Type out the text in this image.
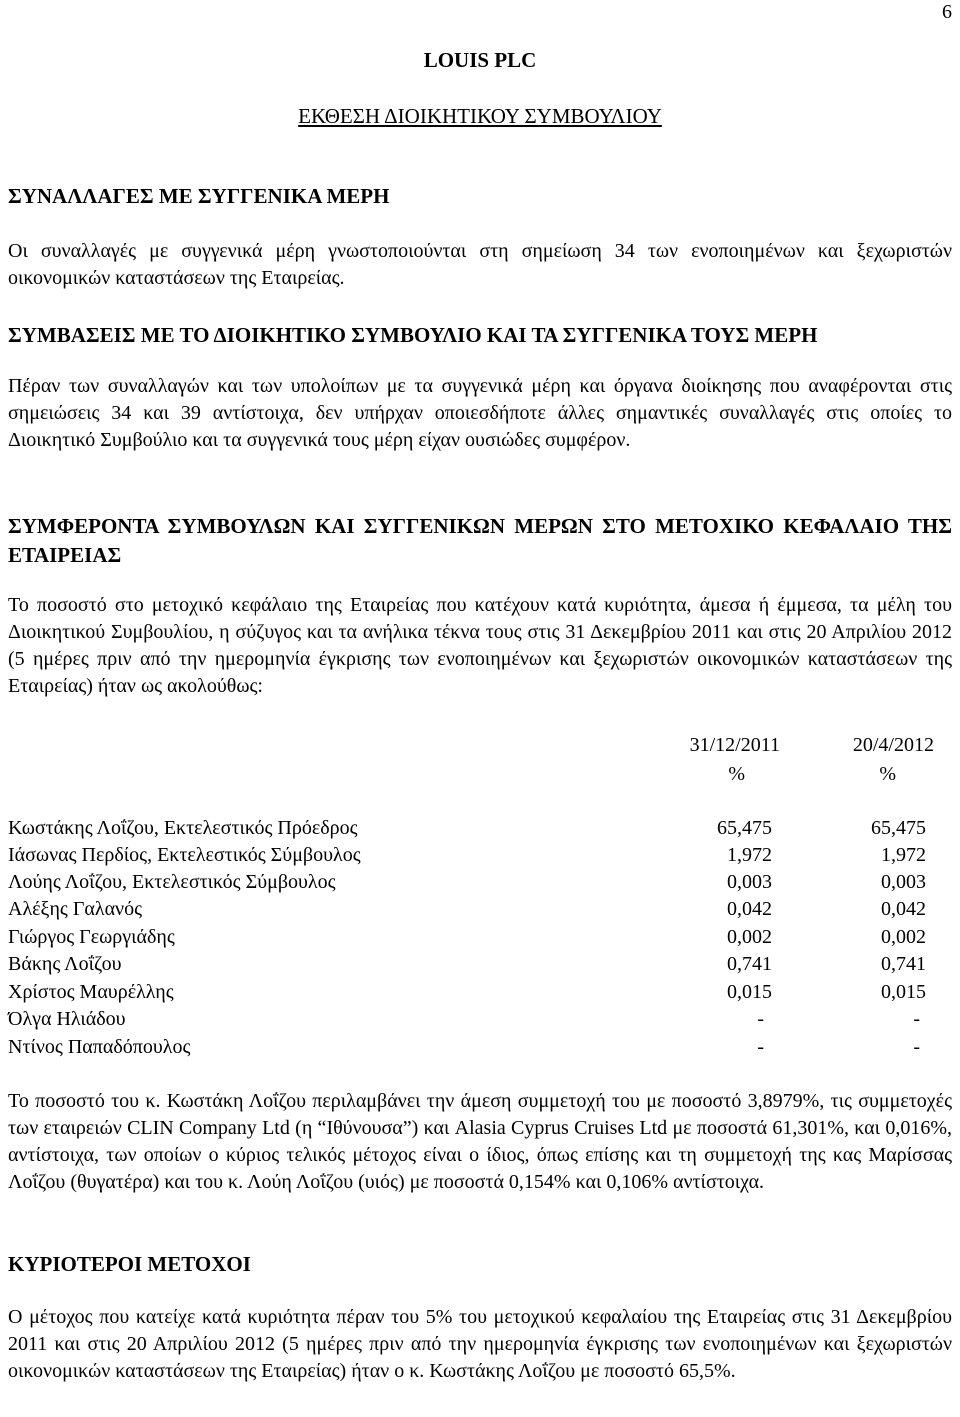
6
LOUIS PLC
ΕΚΘΕΣΗ ΔΙΟΙΚΗΤΙΚΟΥ ΣΥΜΒΟΥΛΙΟΥ
ΣΥΝΑΛΛΑΓΕΣ ΜΕ ΣΥΓΓΕΝΙΚΑ ΜΕΡΗ
Οι συναλλαγές με συγγενικά μέρη γνωστοποιούνται στη σημείωση 34 των ενοποιημένων και ξεχωριστών οικονομικών καταστάσεων της Εταιρείας.
ΣΥΜΒΑΣΕΙΣ ΜΕ ΤΟ ΔΙΟΙΚΗΤΙΚΟ ΣΥΜΒΟΥΛΙΟ ΚΑΙ ΤΑ ΣΥΓΓΕΝΙΚΑ ΤΟΥΣ ΜΕΡΗ
Πέραν των συναλλαγών και των υπολοίπων με τα συγγενικά μέρη και όργανα διοίκησης που αναφέρονται στις σημειώσεις 34 και 39 αντίστοιχα, δεν υπήρχαν οποιεσδήποτε άλλες σημαντικές συναλλαγές στις οποίες το Διοικητικό Συμβούλιο και τα συγγενικά τους μέρη είχαν ουσιώδες συμφέρον.
ΣΥΜΦΕΡΟΝΤΑ ΣΥΜΒΟΥΛΩΝ ΚΑΙ ΣΥΓΓΕΝΙΚΩΝ ΜΕΡΩΝ ΣΤΟ ΜΕΤΟΧΙΚΟ ΚΕΦΑΛΑΙΟ ΤΗΣ ΕΤΑΙΡΕΙΑΣ
Το ποσοστό στο μετοχικό κεφάλαιο της Εταιρείας που κατέχουν κατά κυριότητα, άμεσα ή έμμεσα, τα μέλη του Διοικητικού Συμβουλίου, η σύζυγος και τα ανήλικα τέκνα τους στις 31 Δεκεμβρίου 2011 και στις 20 Απριλίου 2012 (5 ημέρες πριν από την ημερομηνία έγκρισης των ενοποιημένων και ξεχωριστών οικονομικών καταστάσεων της Εταιρείας) ήταν ως ακολούθως:
31/12/2011	20/4/2012
%	%
Κωστάκης Λοΐζου, Εκτελεστικός Πρόεδρος	65,475	65,475
Ιάσωνας Περδίος, Εκτελεστικός Σύμβουλος	1,972	1,972
Λούης Λοΐζου, Εκτελεστικός Σύμβουλος	0,003	0,003
Αλέξης Γαλανός	0,042	0,042
Γιώργος Γεωργιάδης	0,002	0,002
Βάκης Λοΐζου	0,741	0,741
Χρίστος Μαυρέλλης	0,015	0,015
Όλγα Ηλιάδου	-	-
Ντίνος Παπαδόπουλος	-	-
Το ποσοστό του κ. Κωστάκη Λοΐζου περιλαμβάνει την άμεση συμμετοχή του με ποσοστό 3,8979%, τις συμμετοχές των εταιρειών CLIN Company Ltd (η “Ιθύνουσα”) και Alasia Cyprus Cruises Ltd με ποσοστά 61,301%, και 0,016%, αντίστοιχα, των οποίων ο κύριος τελικός μέτοχος είναι ο ίδιος, όπως επίσης και τη συμμετοχή της κας Μαρίσσας Λοΐζου (θυγατέρα) και του κ. Λούη Λοΐζου (υιός) με ποσοστά 0,154% και 0,106% αντίστοιχα.
ΚΥΡΙΟΤΕΡΟΙ ΜΕΤΟΧΟΙ
Ο μέτοχος που κατείχε κατά κυριότητα πέραν του 5% του μετοχικού κεφαλαίου της Εταιρείας στις 31 Δεκεμβρίου 2011 και στις 20 Απριλίου 2012 (5 ημέρες πριν από την ημερομηνία έγκρισης των ενοποιημένων και ξεχωριστών οικονομικών καταστάσεων της Εταιρείας) ήταν ο κ. Κωστάκης Λοΐζου με ποσοστό 65,5%.
